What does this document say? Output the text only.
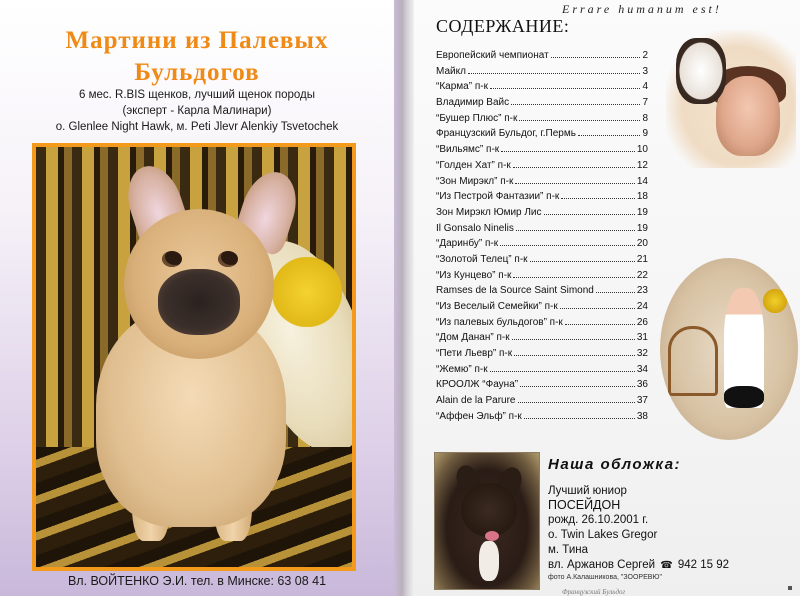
Мартини из Палевых
Бульдогов
6 мес. R.BIS щенков, лучший щенок породы
(эксперт - Карла Малинари)
о. Glenlee Night Hawk, м. Peti Jlevr Alenkiy Tsvetochek
Вл. ВОЙТЕНКО Э.И. тел. в Минске: 63 08 41
Errare humanum est!
СОДЕРЖАНИЕ:
Европейский чемпионат	2
Майкл	3
“Карма” п-к	4
Владимир Вайс	7
“Бушер Плюс” п-к	8
Французский Бульдог, г.Пермь	9
“Вильямс” п-к	10
“Голден Хат” п-к	12
“Зон Мирэкл” п-к	14
“Из Пестрой Фантазии” п-к	18
Зон Мирэкл Юмир Лис	19
Il Gonsalo Ninelis	19
“Даринбу” п-к	20
“Золотой Телец” п-к	21
“Из Кунцево” п-к	22
Ramses de la Source Saint Simond	23
“Из Веселый Семейки” п-к	24
“Из палевых бульдогов” п-к	26
“Дом Данан” п-к	31
“Пети Льевр” п-к	32
“Жемю” п-к	34
КРООЛЖ “Фауна”	36
Alain de la Parure	37
“Аффен Эльф” п-к	38
Наша обложка:
Лучший юниор
ПОСЕЙДОН
рожд. 26.10.2001 г.
о. Twin Lakes Gregor
м. Тина
вл. Аржанов Сергей ☎ 942 15 92
фото А.Калашникова, "ЗООРЕВЮ"
Французский Бульдог
